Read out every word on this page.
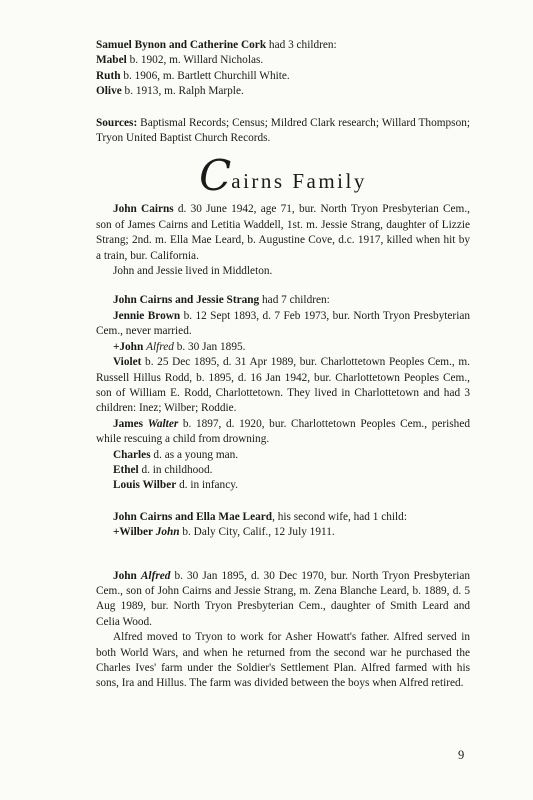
Samuel Bynon and Catherine Cork had 3 children:

Mabel b. 1902, m. Willard Nicholas.

Ruth b. 1906, m. Bartlett Churchill White.

Olive b. 1913, m. Ralph Marple.

Sources: Baptismal Records; Census; Mildred Clark research; Willard Thompson; Tryon United Baptist Church Records.

Cairns Family

John Cairns d. 30 June 1942, age 71, bur. North Tryon Presbyterian Cem., son of James Cairns and Letitia Waddell, 1st. m. Jessie Strang, daughter of Lizzie Strang; 2nd. m. Ella Mae Leard, b. Augustine Cove, d.c. 1917, killed when hit by a train, bur. California.

John and Jessie lived in Middleton.

John Cairns and Jessie Strang had 7 children:

Jennie Brown b. 12 Sept 1893, d. 7 Feb 1973, bur. North Tryon Presbyterian Cem., never married.

+John Alfred b. 30 Jan 1895.

Violet b. 25 Dec 1895, d. 31 Apr 1989, bur. Charlottetown Peoples Cem., m. Russell Hillus Rodd, b. 1895, d. 16 Jan 1942, bur. Charlottetown Peoples Cem., son of William E. Rodd, Charlottetown. They lived in Charlottetown and had 3 children: Inez; Wilber; Roddie.

James Walter b. 1897, d. 1920, bur. Charlottetown Peoples Cem., perished while rescuing a child from drowning.

Charles d. as a young man.

Ethel d. in childhood.

Louis Wilber d. in infancy.

John Cairns and Ella Mae Leard, his second wife, had 1 child:

+Wilber John b. Daly City, Calif., 12 July 1911.

John Alfred b. 30 Jan 1895, d. 30 Dec 1970, bur. North Tryon Presbyterian Cem., son of John Cairns and Jessie Strang, m. Zena Blanche Leard, b. 1889, d. 5 Aug 1989, bur. North Tryon Presbyterian Cem., daughter of Smith Leard and Celia Wood.

Alfred moved to Tryon to work for Asher Howatt's father. Alfred served in both World Wars, and when he returned from the second war he purchased the Charles Ives' farm under the Soldier's Settlement Plan. Alfred farmed with his sons, Ira and Hillus. The farm was divided between the boys when Alfred retired.

9
